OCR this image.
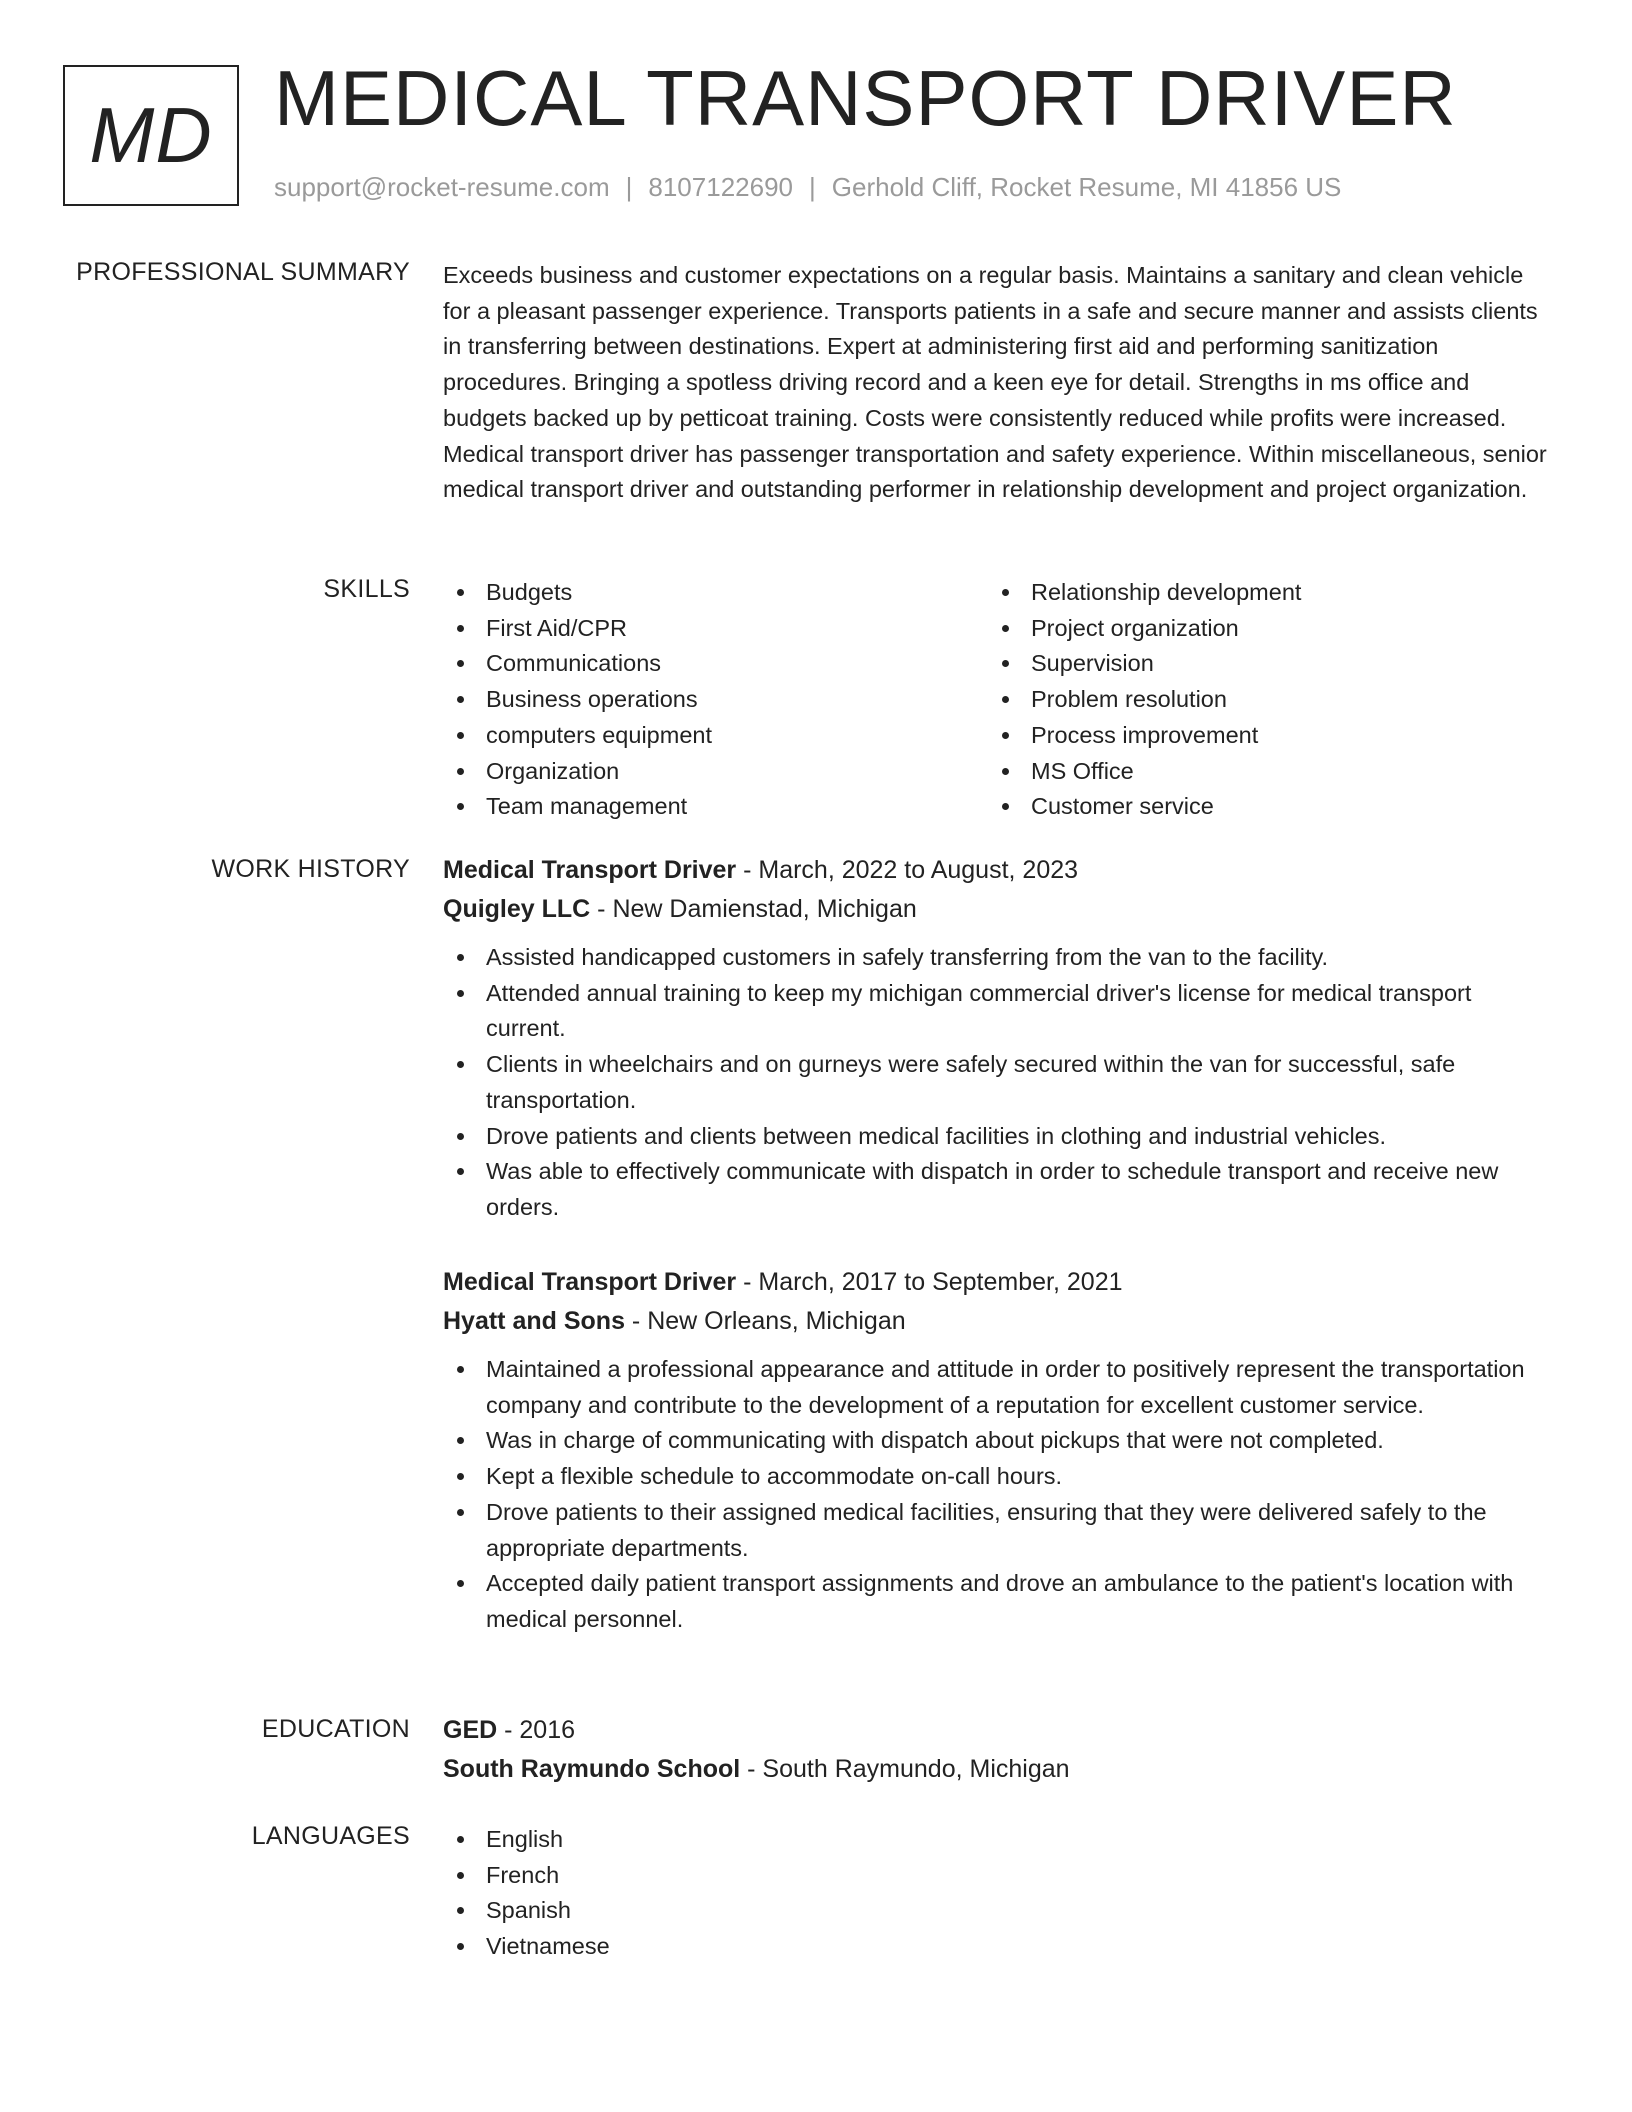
MD MEDICAL TRANSPORT DRIVER
support@rocket-resume.com | 8107122690 | Gerhold Cliff, Rocket Resume, MI 41856 US
PROFESSIONAL SUMMARY Exceeds business and customer expectations on a regular basis. Maintains a sanitary and clean vehicle for a pleasant passenger experience. Transports patients in a safe and secure manner and assists clients in transferring between destinations. Expert at administering first aid and performing sanitization procedures. Bringing a spotless driving record and a keen eye for detail. Strengths in ms office and budgets backed up by petticoat training. Costs were consistently reduced while profits were increased. Medical transport driver has passenger transportation and safety experience. Within miscellaneous, senior medical transport driver and outstanding performer in relationship development and project organization.
SKILLS	Budgets
First Aid/CPR
Communications
Business operations
computers equipment
Organization
Team management
Relationship development
Project organization
Supervision
Problem resolution
Process improvement
MS Office
Customer service
WORK HISTORY Medical Transport Driver - March, 2022 to August, 2023
Quigley LLC - New Damienstad, Michigan
Assisted handicapped customers in safely transferring from the van to the facility.
Attended annual training to keep my michigan commercial driver's license for medical transport current.
Clients in wheelchairs and on gurneys were safely secured within the van for successful, safe transportation.
Drove patients and clients between medical facilities in clothing and industrial vehicles.
Was able to effectively communicate with dispatch in order to schedule transport and receive new orders.
Medical Transport Driver - March, 2017 to September, 2021
Hyatt and Sons - New Orleans, Michigan
Maintained a professional appearance and attitude in order to positively represent the transportation company and contribute to the development of a reputation for excellent customer service.
Was in charge of communicating with dispatch about pickups that were not completed.
Kept a flexible schedule to accommodate on-call hours.
Drove patients to their assigned medical facilities, ensuring that they were delivered safely to the appropriate departments.
Accepted daily patient transport assignments and drove an ambulance to the patient's location with medical personnel.
EDUCATION GED - 2016
South Raymundo School - South Raymundo, Michigan
LANGUAGES	English
French
Spanish
Vietnamese
